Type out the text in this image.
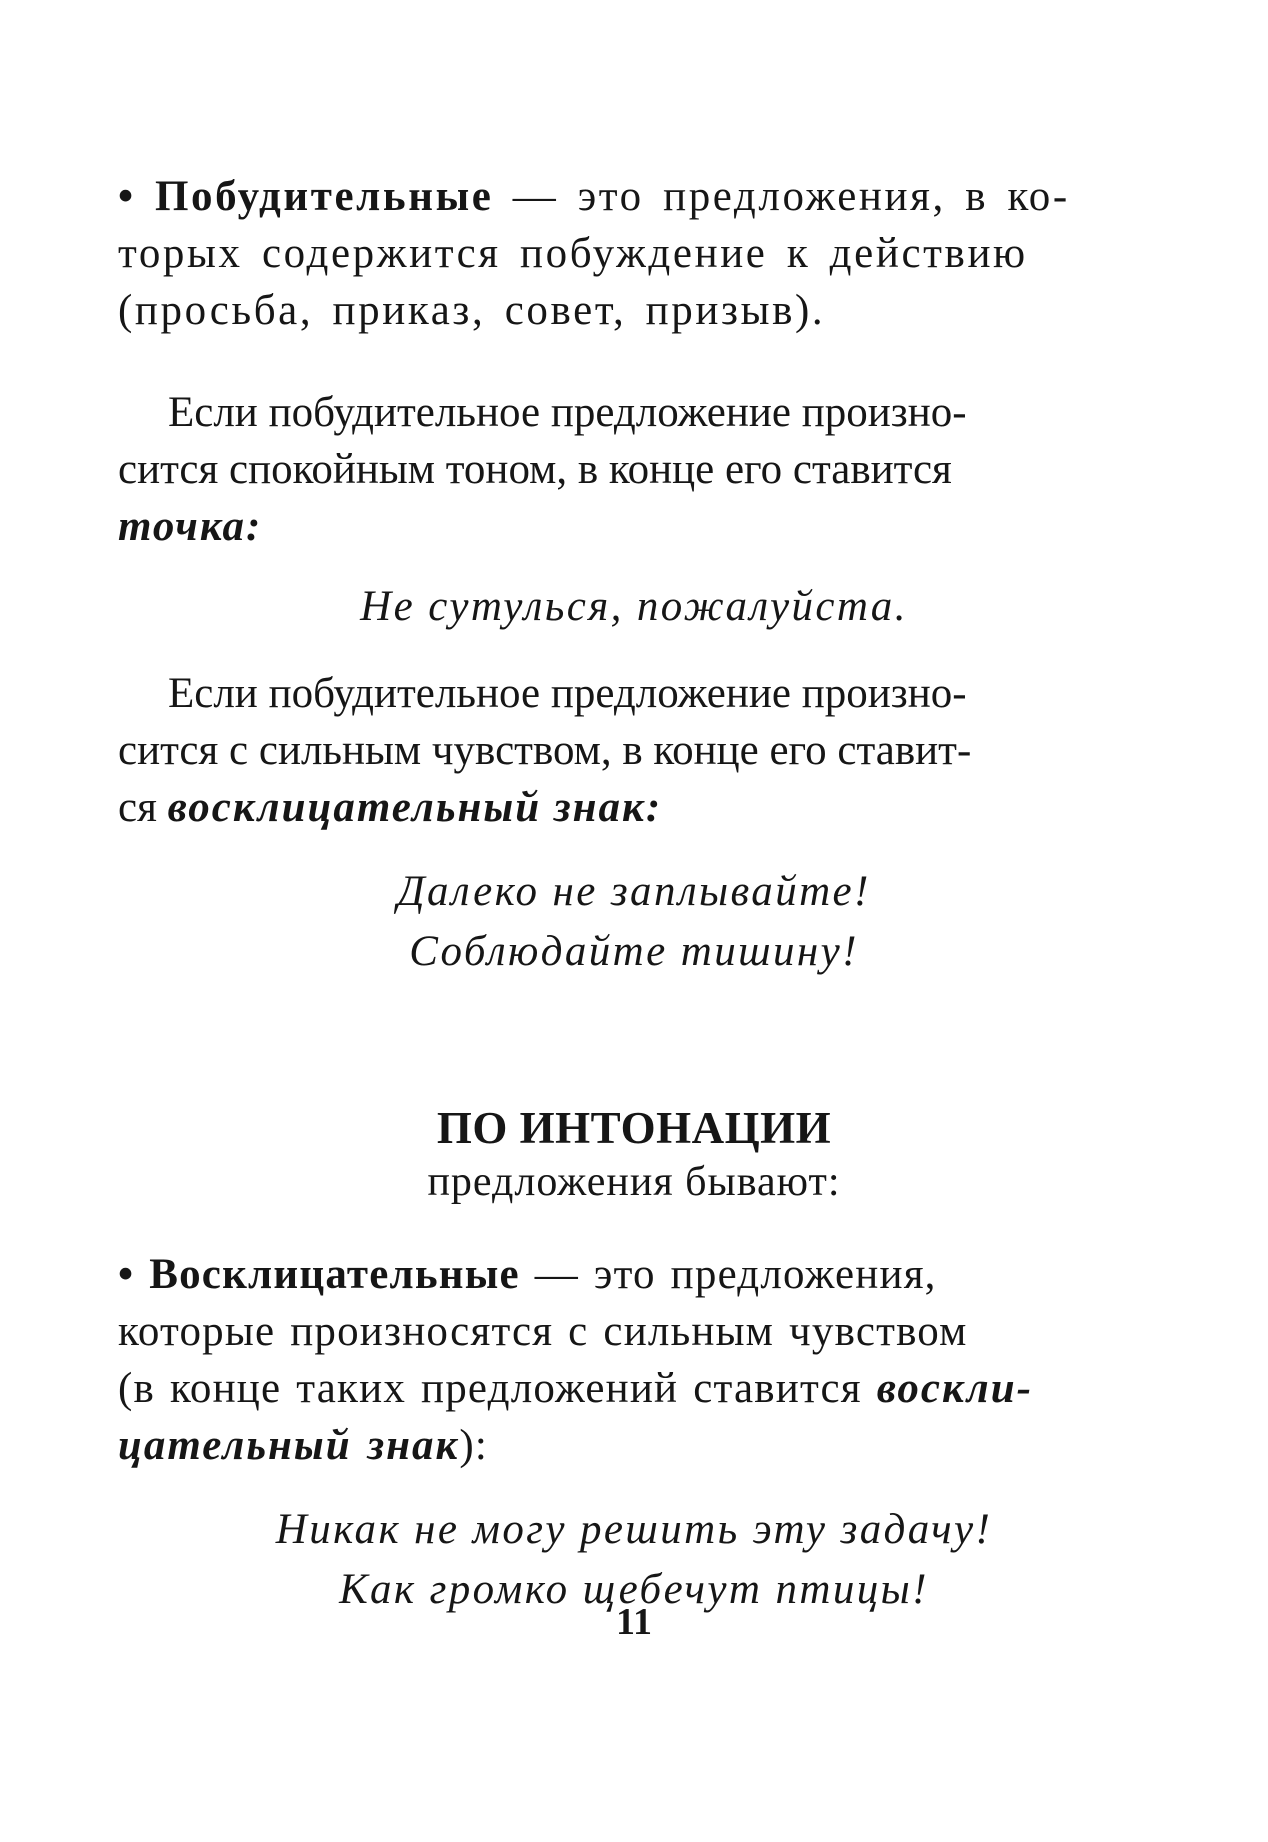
• Побудительные — это предложения, в ко-
торых содержится побуждение к действию
(просьба, приказ, совет, призыв).

Если побудительное предложение произно-
сится спокойным тоном, в конце его ставится
точка:

Не сутулься, пожалуйста.

Если побудительное предложение произно-
сится с сильным чувством, в конце его ставит-
ся восклицательный знак:

Далеко не заплывайте!
Соблюдайте тишину!

ПО ИНТОНАЦИИ

предложения бывают:

• Восклицательные — это предложения,
которые произносятся с сильным чувством
(в конце таких предложений ставится воскли-
цательный знак):

Никак не могу решить эту задачу!
Как громко щебечут птицы!

11
